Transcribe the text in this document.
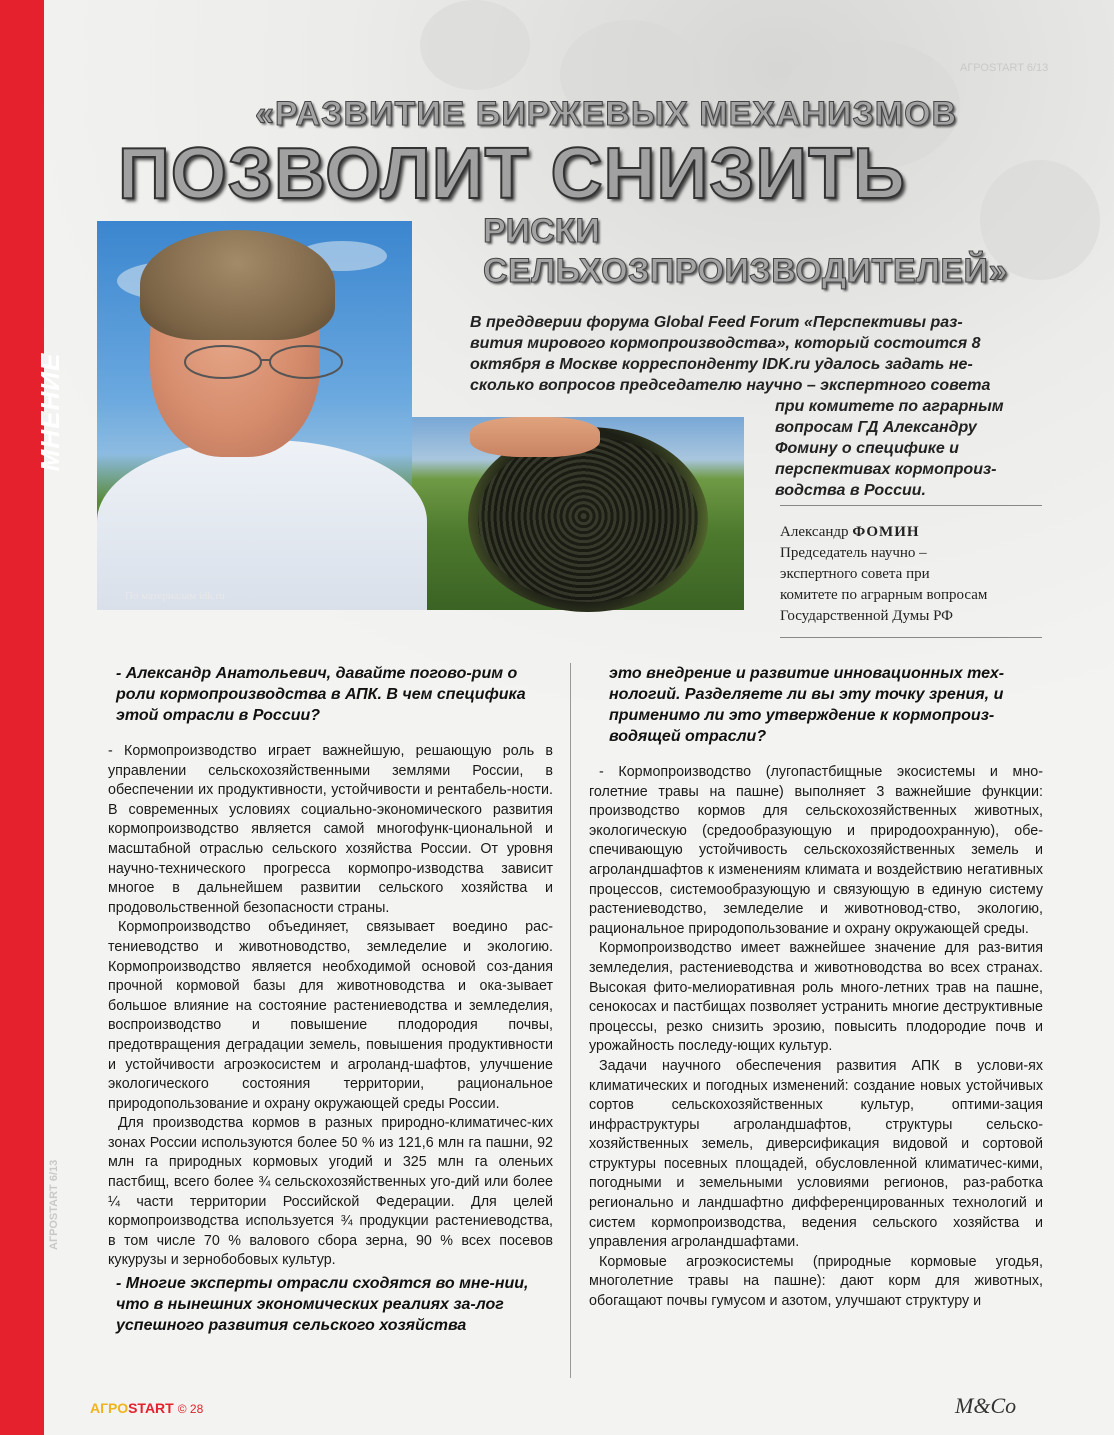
МНЕНИЕ
АГРОSTART 6/13
АГРОSTART 6/13
«РАЗВИТИЕ БИРЖЕВЫХ МЕХАНИЗМОВ
ПОЗВОЛИТ СНИЗИТЬ
РИСКИ
СЕЛЬХОЗПРОИЗВОДИТЕЛЕЙ»
По материалам idk.ru
В преддверии форума Global Feed Forum «Перспективы раз-
вития мирового кормопроизводства», который состоится 8
октября в Москве корреспонденту IDK.ru удалось задать не-
сколько вопросов председателю научно – экспертного совета
при комитете по аграрным
вопросам ГД Александру
Фомину о специфике и
перспективах кормопроиз-
водства в России.
Александр ФОМИН
Председатель научно –
экспертного совета при
комитете по аграрным вопросам
Государственной Думы РФ

- Александр Анатольевич, давайте погово-рим о роли кормопроизводства в АПК. В чем специфика этой отрасли в России?

- Кормопроизводство играет важнейшую, решающую роль в управлении сельскохозяйственными землями России, в обеспечении их продуктивности, устойчивости и рентабель-ности. В современных условиях социально-экономического развития кормопроизводство является самой многофунк-циональной и масштабной отраслью сельского хозяйства России. От уровня научно-технического прогресса кормопро-изводства зависит многое в дальнейшем развитии сельского хозяйства и продовольственной безопасности страны.

Кормопроизводство объединяет, связывает воедино рас-тениеводство и животноводство, земледелие и экологию. Кормопроизводство является необходимой основой соз-дания прочной кормовой базы для животноводства и ока-зывает большое влияние на состояние растениеводства и земледелия, воспроизводство и повышение плодородия почвы, предотвращения деградации земель, повышения продуктивности и устойчивости агроэкосистем и агроланд-шафтов, улучшение экологического состояния территории, рациональное природопользование и охрану окружающей среды России.

Для производства кормов в разных природно-климатичес-ких зонах России используются более 50 % из 121,6 млн га пашни, 92 млн га природных кормовых угодий и 325 млн га оленьих пастбищ, всего более ¾ сельскохозяйственных уго-дий или более ¼ части территории Российской Федерации. Для целей кормопроизводства используется ¾ продукции растениеводства, в том числе 70 % валового сбора зерна, 90 % всех посевов кукурузы и зернобобовых культур.

- Многие эксперты отрасли сходятся во мне-нии, что в нынешних экономических реалиях за-лог успешного развития сельского хозяйства

это внедрение и развитие инновационных тех-нологий. Разделяете ли вы эту точку зрения, и применимо ли это утверждение к кормопроиз-водящей отрасли?

- Кормопроизводство (лугопастбищные экосистемы и мно-голетние травы на пашне) выполняет 3 важнейшие функции: производство кормов для сельскохозяйственных животных, экологическую (средообразующую и природоохранную), обе-спечивающую устойчивость сельскохозяйственных земель и агроландшафтов к изменениям климата и воздействию негативных процессов, системообразующую и связующую в единую систему растениеводство, земледелие и животновод-ство, экологию, рациональное природопользование и охрану окружающей среды.

Кормопроизводство имеет важнейшее значение для раз-вития земледелия, растениеводства и животноводства во всех странах. Высокая фито-мелиоративная роль много-летних трав на пашне, сенокосах и пастбищах позволяет устранить многие деструктивные процессы, резко снизить эрозию, повысить плодородие почв и урожайность последу-ющих культур.

Задачи научного обеспечения развития АПК в услови-ях климатических и погодных изменений: создание новых устойчивых сортов сельскохозяйственных культур, оптими-зация инфраструктуры агроландшафтов, структуры сельско-хозяйственных земель, диверсификация видовой и сортовой структуры посевных площадей, обусловленной климатичес-кими, погодными и земельными условиями регионов, раз-работка регионально и ландшафтно дифференцированных технологий и систем кормопроизводства, ведения сельского хозяйства и управления агроландшафтами.

Кормовые агроэкосистемы (природные кормовые угодья, многолетние травы на пашне): дают корм для животных, обогащают почвы гумусом и азотом, улучшают структуру и

M&Co
АГРОSTART © 28
